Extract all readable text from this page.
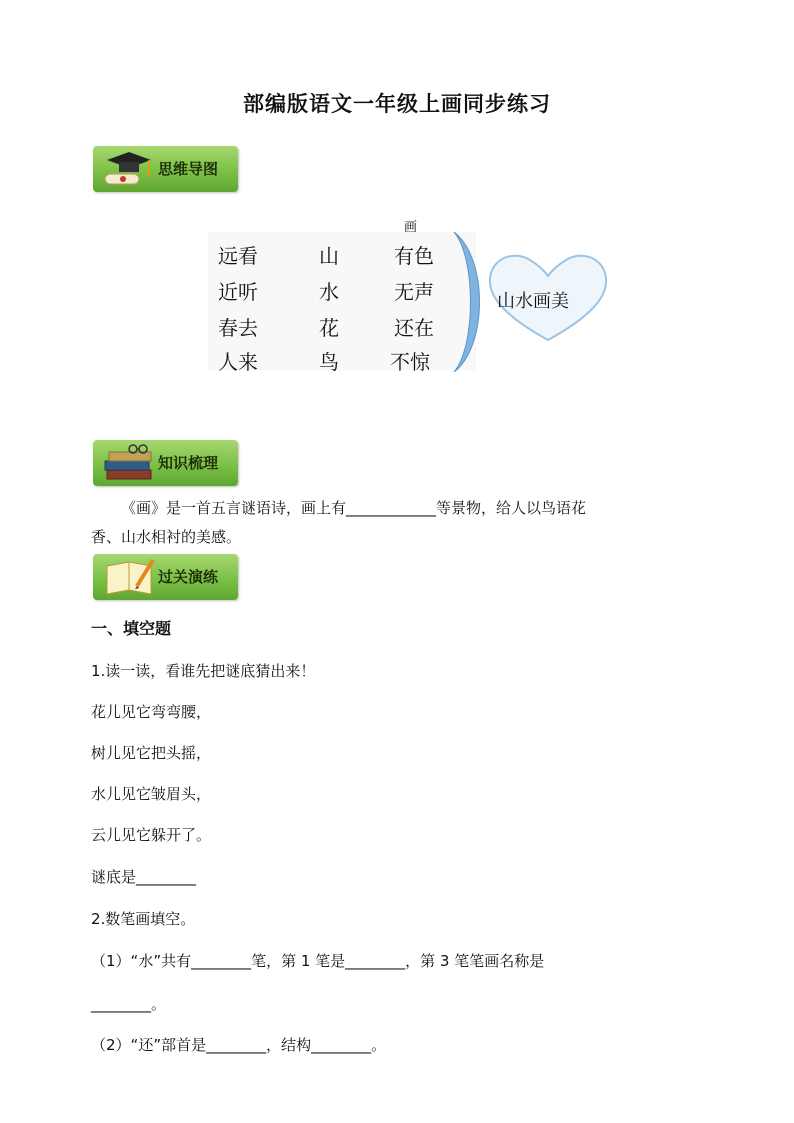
部编版语文一年级上画同步练习
思维导图
画
远看
近听
春去
人来
山
水
花
鸟
有色
无声
还在
不惊
山水画美
知识梳理
《画》是一首五言谜语诗，画上有____________等景物，给人以鸟语花
香、山水相衬的美感。
过关演练
一、填空题
1.读一读，看谁先把谜底猜出来！
花儿见它弯弯腰，
树儿见它把头摇，
水儿见它皱眉头，
云儿见它躲开了。
谜底是________
2.数笔画填空。
（1）“水”共有________笔，第 1 笔是________，第 3 笔笔画名称是
________。
（2）“还”部首是________，结构________。
